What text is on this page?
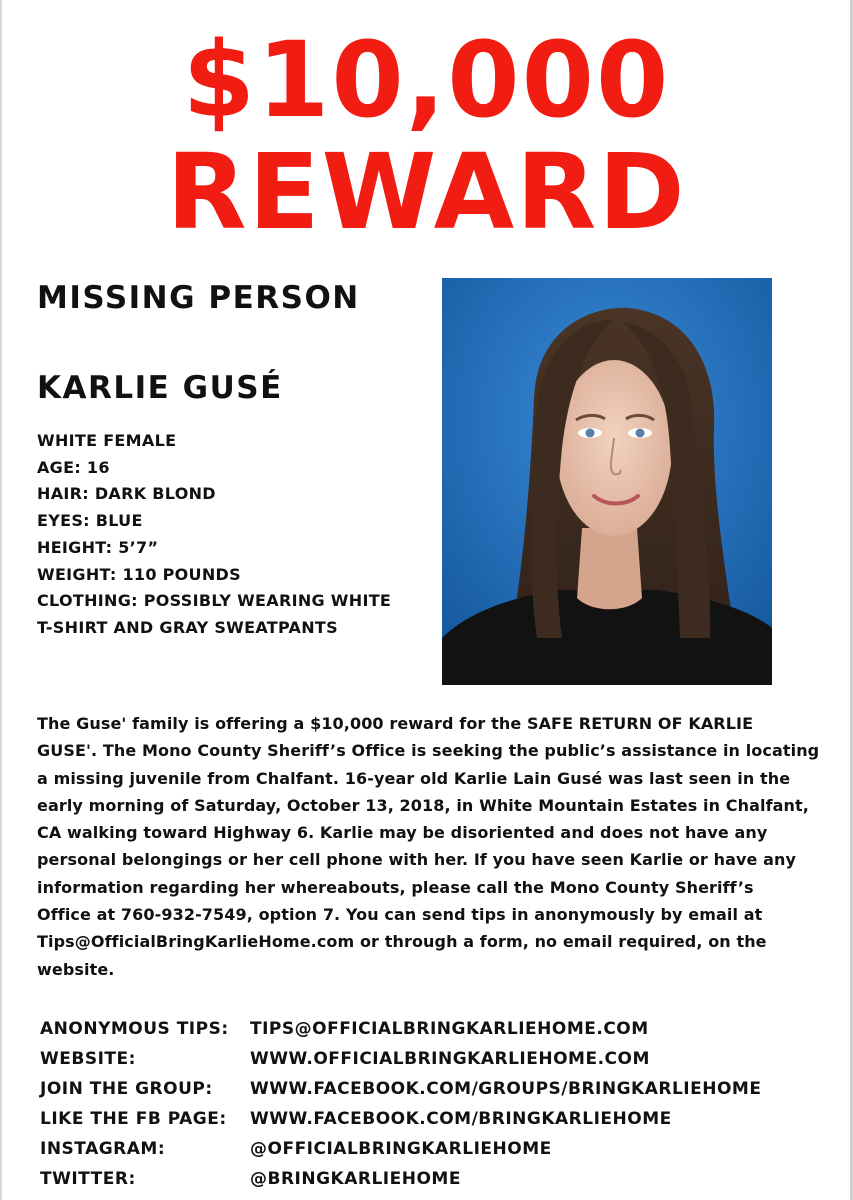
$10,000
REWARD
MISSING PERSON
KARLIE GUSÉ
WHITE FEMALE
AGE: 16
HAIR: DARK BLOND
EYES: BLUE
HEIGHT: 5’7”
WEIGHT: 110 POUNDS
CLOTHING: POSSIBLY WEARING WHITE
T-SHIRT AND GRAY SWEATPANTS
The Guse' family is offering a $10,000 reward for the SAFE RETURN OF KARLIE
GUSE'. The Mono County Sheriff’s Office is seeking the public’s assistance in locating
a missing juvenile from Chalfant. 16-year old Karlie Lain Gusé was last seen in the
early morning of Saturday, October 13, 2018, in White Mountain Estates in Chalfant,
CA walking toward Highway 6. Karlie may be disoriented and does not have any
personal belongings or her cell phone with her. If you have seen Karlie or have any
information regarding her whereabouts, please call the Mono County Sheriff’s
Office at 760-932-7549, option 7. You can send tips in anonymously by email at
Tips@OfficialBringKarlieHome.com or through a form, no email required, on the
website.
ANONYMOUS TIPS: TIPS@OFFICIALBRINGKARLIEHOME.COM
WEBSITE:	WWW.OFFICIALBRINGKARLIEHOME.COM
JOIN THE GROUP: WWW.FACEBOOK.COM/GROUPS/BRINGKARLIEHOME
LIKE THE FB PAGE: WWW.FACEBOOK.COM/BRINGKARLIEHOME
INSTAGRAM:	@OFFICIALBRINGKARLIEHOME
TWITTER:	@BRINGKARLIEHOME
